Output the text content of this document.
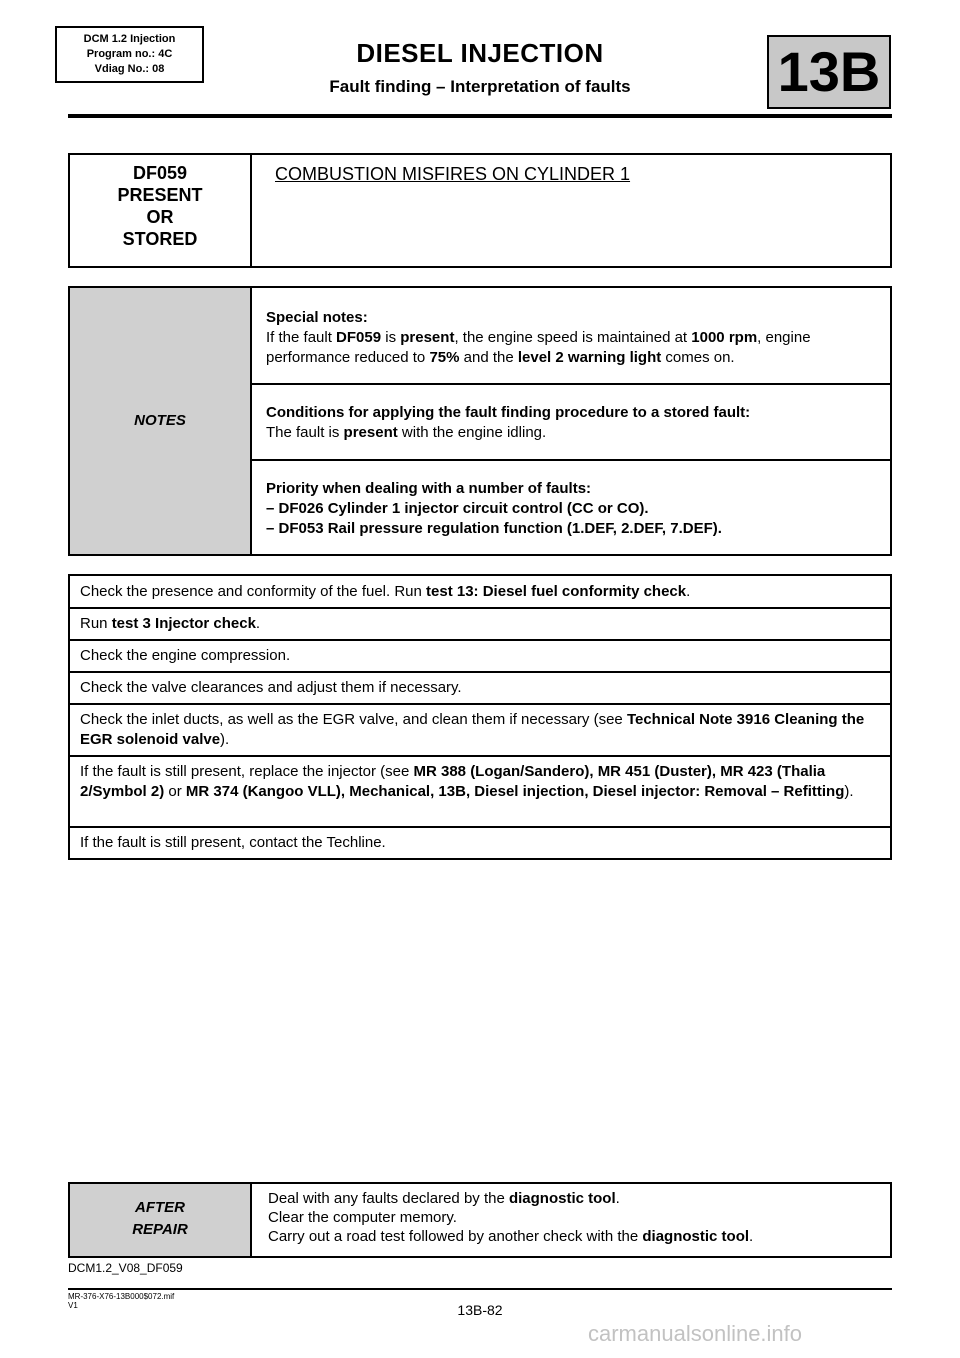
DCM 1.2 Injection
Program no.: 4C
Vdiag No.: 08
DIESEL INJECTION
Fault finding – Interpretation of faults	13B
DF059
PRESENT
OR
STORED
COMBUSTION MISFIRES ON CYLINDER 1
NOTES
Special notes:
If the fault DF059 is present, the engine speed is maintained at 1000 rpm, engine performance reduced to 75% and the level 2 warning light comes on.
Conditions for applying the fault finding procedure to a stored fault:
The fault is present with the engine idling.
Priority when dealing with a number of faults:
– DF026 Cylinder 1 injector circuit control (CC or CO).
– DF053 Rail pressure regulation function (1.DEF, 2.DEF, 7.DEF).
Check the presence and conformity of the fuel. Run test 13: Diesel fuel conformity check.
Run test 3 Injector check.
Check the engine compression.
Check the valve clearances and adjust them if necessary.
Check the inlet ducts, as well as the EGR valve, and clean them if necessary (see Technical Note 3916 Cleaning the EGR solenoid valve).
If the fault is still present, replace the injector (see MR 388 (Logan/Sandero), MR 451 (Duster), MR 423 (Thalia 2/Symbol 2) or MR 374 (Kangoo VLL), Mechanical, 13B, Diesel injection, Diesel injector: Removal – Refitting).
If the fault is still present, contact the Techline.
AFTER
REPAIR
Deal with any faults declared by the diagnostic tool.
Clear the computer memory.
Carry out a road test followed by another check with the diagnostic tool.
DCM1.2_V08_DF059
MR-376-X76-13B000$072.mif
V1	13B-82
carmanualsonline.info
